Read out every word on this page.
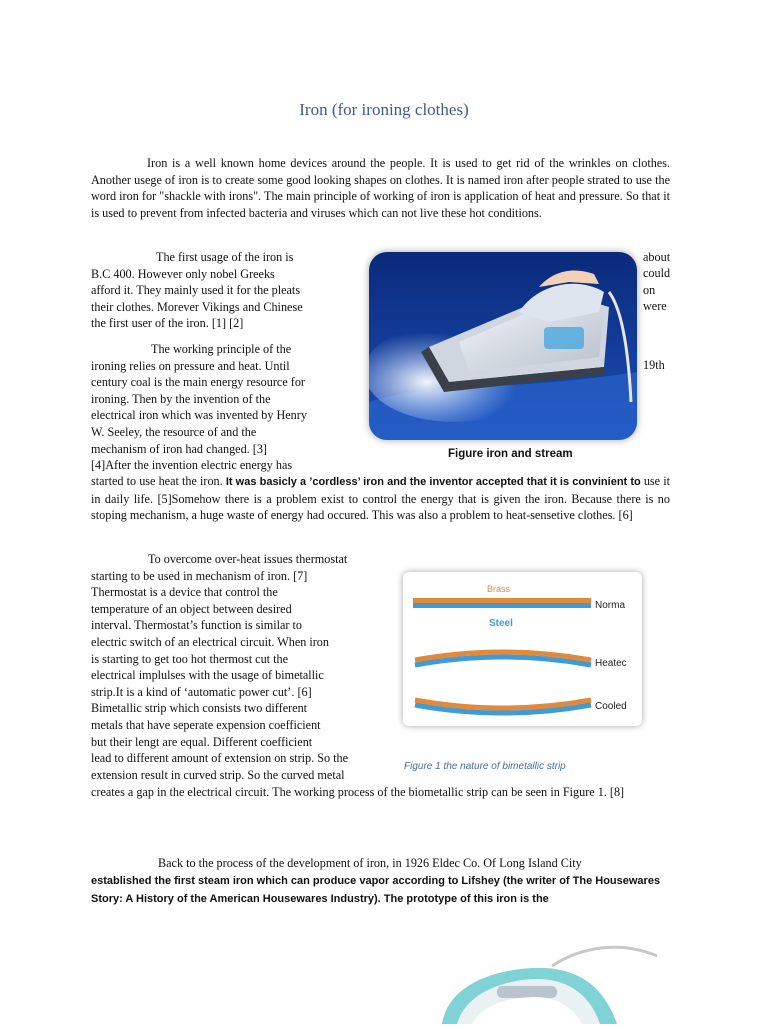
Iron (for ironing clothes)

Iron is a well known home devices around the people. It is used to get rid of the wrinkles on clothes. Another usege of iron is to create some good looking shapes on clothes. It is named iron after people strated to use the word iron for "shackle with irons". The main principle of working of iron is application of heat and pressure. So that it is used to prevent from infected bacteria and viruses which can not live these hot conditions.

The first usage of the iron is
B.C 400. However only nobel Greeks
afford it. They mainly used it for the pleats
their clothes. Morever Vikings and Chinese
the first user of the iron. [1] [2]
about
could
on
were
The working principle of the
ironing relies on pressure and heat. Until
century coal is the main energy resource for
ironing. Then by the invention of the
electrical iron which was invented by Henry
W. Seeley, the resource of and the
mechanism of iron had changed. [3]
[4]After the invention electric energy has
19th

started to use heat the iron. It was basicly a ’cordless’ iron and the inventor accepted that it is convinient to use it in daily life. [5]Somehow there is a problem exist to control the energy that is given the iron. Because there is no stoping mechanism, a huge waste of energy had occured. This was also a problem to heat-sensetive clothes. [6]

Figure iron and stream
To overcome over-heat issues thermostat
starting to be used in mechanism of iron. [7]
Thermostat is a device that control the
temperature of an object between desired
interval. Thermostat’s function is similar to
electric switch of an electrical circuit. When iron
is starting to get too hot thermost cut the
electrical implulses with the usage of bimetallic
strip.It is a kind of ‘automatic power cut’. [6]
Bimetallic strip which consists two different
metals that have seperate expension coefficient
but their lengt are equal. Different coefficient
lead to different amount of extension on strip. So the
extension result in curved strip. So the curved metal

creates a gap in the electrical circuit. The working process of the biometallic strip can be seen in Figure 1. [8]

Brass
Norma
Steel
Heatec
Cooled
Figure 1 the nature of bimetallic strip

Back to the process of the development of iron, in 1926 Eldec Co. Of Long Island City
established the first steam iron which can produce vapor according to Lifshey (the writer of The Housewares Story: A History of the American Housewares Industry). The prototype of this iron is the
